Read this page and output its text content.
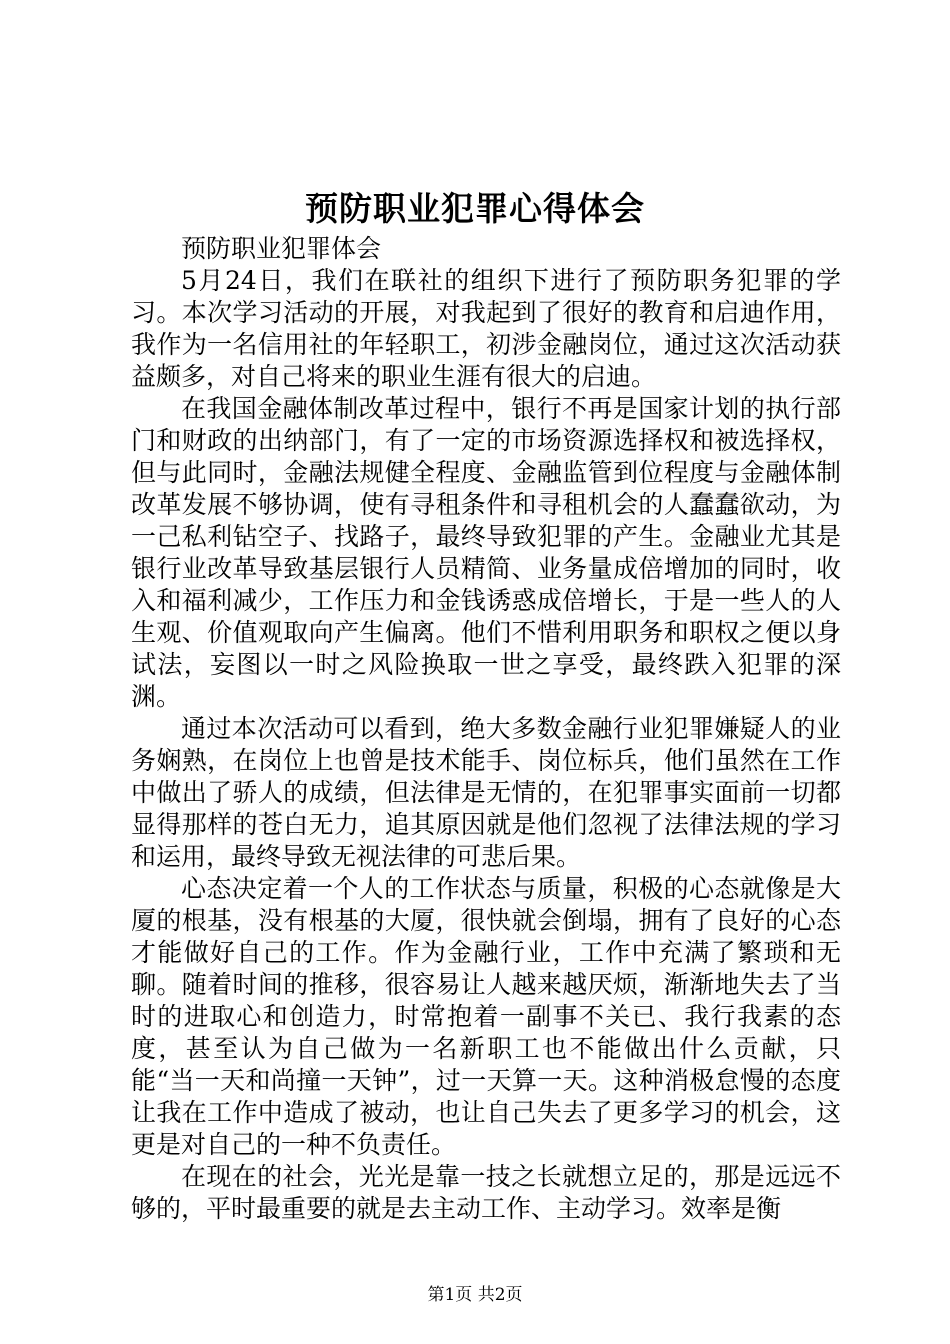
预防职业犯罪心得体会

预防职业犯罪体会

5月24日，我们在联社的组织下进行了预防职务犯罪的学习。本次学习活动的开展，对我起到了很好的教育和启迪作用，我作为一名信用社的年轻职工，初涉金融岗位，通过这次活动获益颇多，对自己将来的职业生涯有很大的启迪。

在我国金融体制改革过程中，银行不再是国家计划的执行部门和财政的出纳部门，有了一定的市场资源选择权和被选择权，但与此同时，金融法规健全程度、金融监管到位程度与金融体制改革发展不够协调，使有寻租条件和寻租机会的人蠢蠢欲动，为一己私利钻空子、找路子，最终导致犯罪的产生。金融业尤其是银行业改革导致基层银行人员精简、业务量成倍增加的同时，收入和福利减少，工作压力和金钱诱惑成倍增长，于是一些人的人生观、价值观取向产生偏离。他们不惜利用职务和职权之便以身试法，妄图以一时之风险换取一世之享受，最终跌入犯罪的深渊。

通过本次活动可以看到，绝大多数金融行业犯罪嫌疑人的业务娴熟，在岗位上也曾是技术能手、岗位标兵，他们虽然在工作中做出了骄人的成绩，但法律是无情的，在犯罪事实面前一切都显得那样的苍白无力，追其原因就是他们忽视了法律法规的学习和运用，最终导致无视法律的可悲后果。

心态决定着一个人的工作状态与质量，积极的心态就像是大厦的根基，没有根基的大厦，很快就会倒塌，拥有了良好的心态才能做好自己的工作。作为金融行业，工作中充满了繁琐和无聊。随着时间的推移，很容易让人越来越厌烦，渐渐地失去了当时的进取心和创造力，时常抱着一副事不关已、我行我素的态度，甚至认为自己做为一名新职工也不能做出什么贡献，只能“当一天和尚撞一天钟”，过一天算一天。这种消极怠慢的态度让我在工作中造成了被动，也让自己失去了更多学习的机会，这更是对自己的一种不负责任。

在现在的社会，光光是靠一技之长就想立足的，那是远远不够的，平时最重要的就是去主动工作、主动学习。效率是衡

第1页 共2页
